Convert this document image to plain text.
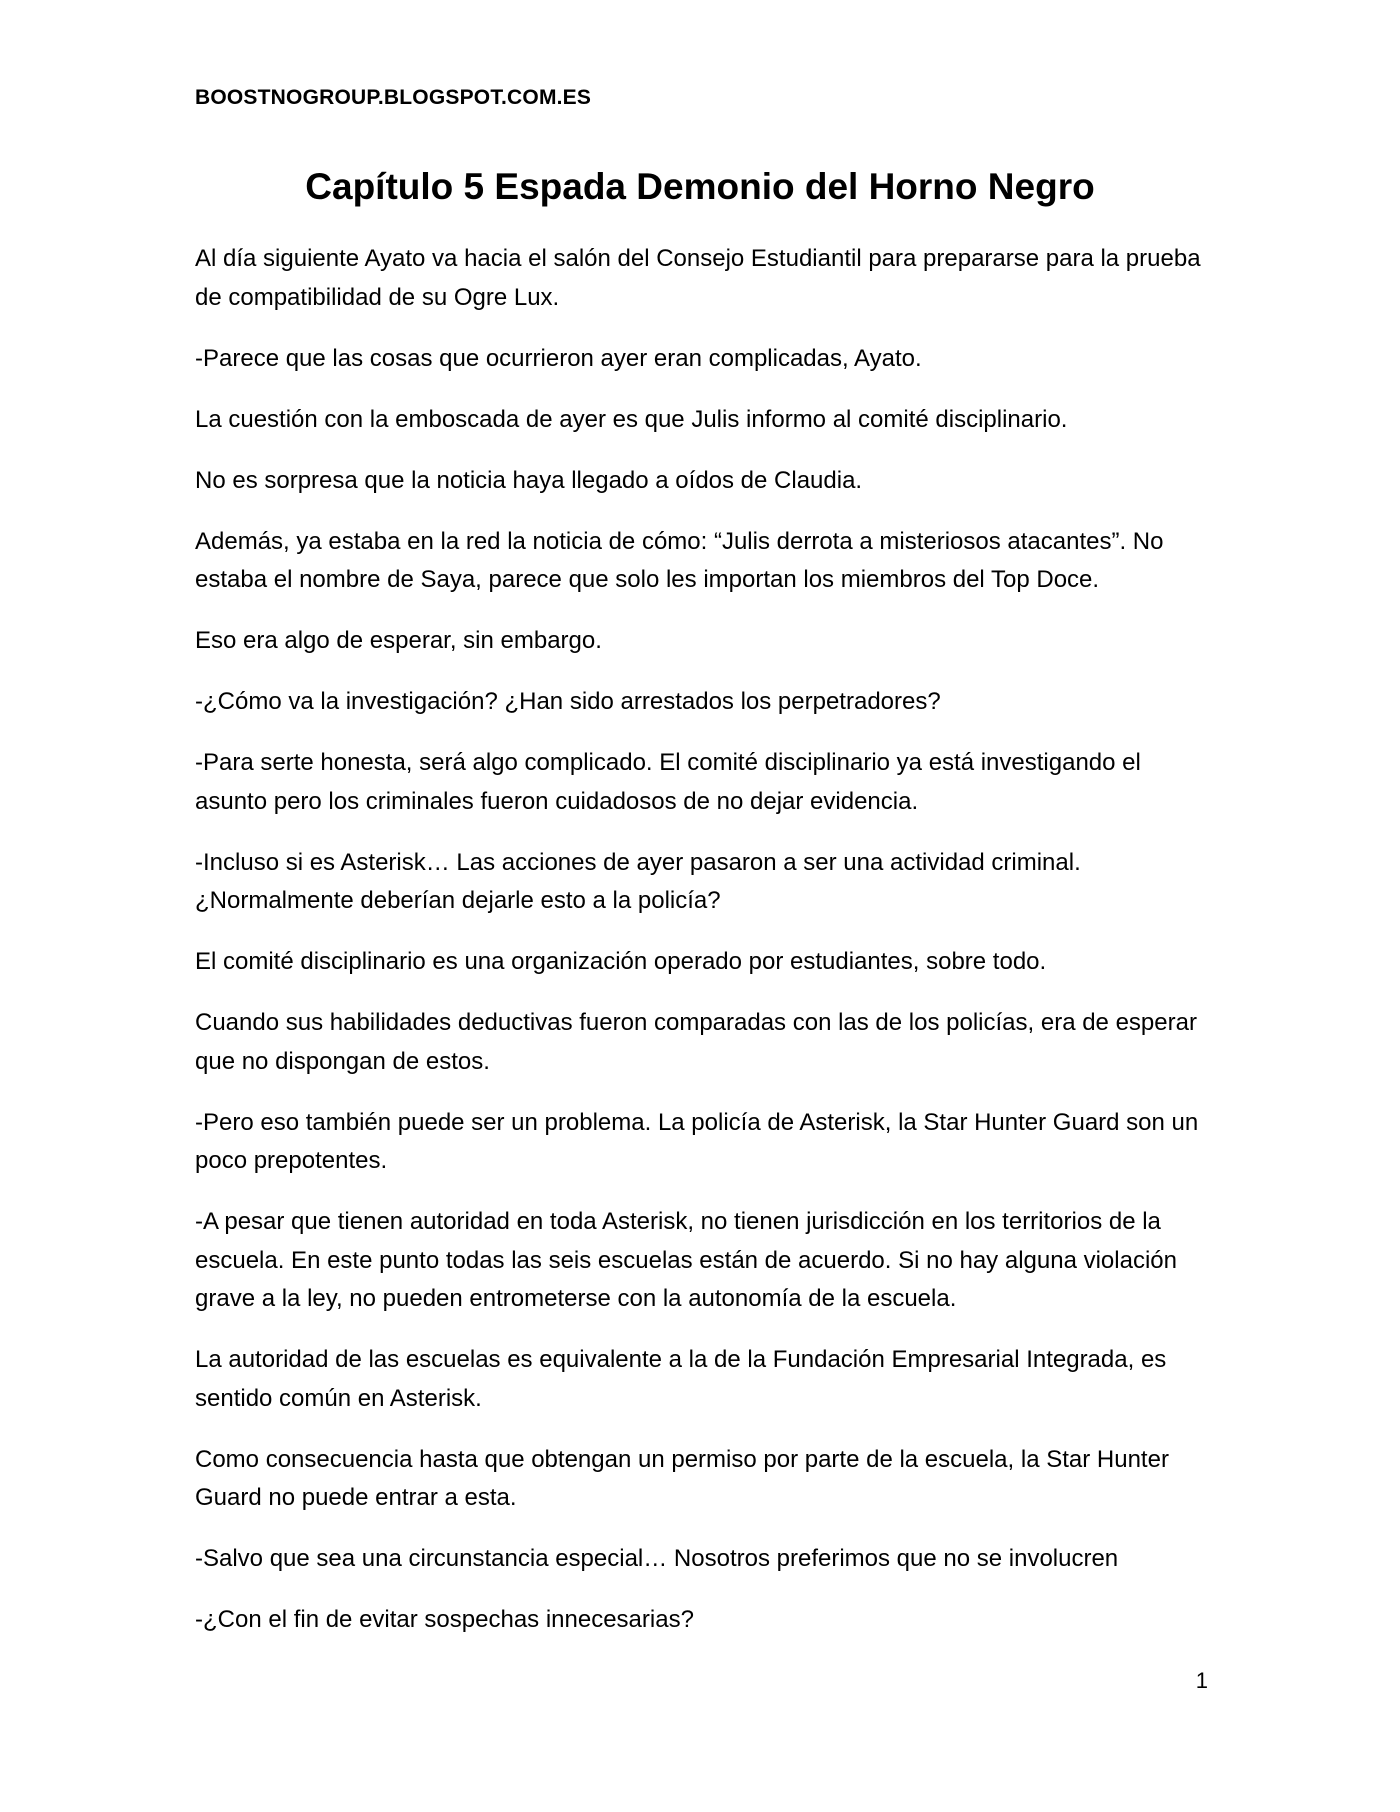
BOOSTNOGROUP.BLOGSPOT.COM.ES
Capítulo 5 Espada Demonio del Horno Negro

Al día siguiente Ayato va hacia el salón del Consejo Estudiantil para prepararse para la prueba de compatibilidad de su Ogre Lux.

-Parece que las cosas que ocurrieron ayer eran complicadas, Ayato.

La cuestión con la emboscada de ayer es que Julis informo al comité disciplinario.

No es sorpresa que la noticia haya llegado a oídos de Claudia.

Además, ya estaba en la red la noticia de cómo: “Julis derrota a misteriosos atacantes”. No estaba el nombre de Saya, parece que solo les importan los miembros del Top Doce.

Eso era algo de esperar, sin embargo.

-¿Cómo va la investigación? ¿Han sido arrestados los perpetradores?

-Para serte honesta, será algo complicado. El comité disciplinario ya está investigando el asunto pero los criminales fueron cuidadosos de no dejar evidencia.

-Incluso si es Asterisk… Las acciones de ayer pasaron a ser una actividad criminal. ¿Normalmente deberían dejarle esto a la policía?

El comité disciplinario es una organización operado por estudiantes, sobre todo.

Cuando sus habilidades deductivas fueron comparadas con las de los policías, era de esperar que no dispongan de estos.

-Pero eso también puede ser un problema. La policía de Asterisk, la Star Hunter Guard son un poco prepotentes.

-A pesar que tienen autoridad en toda Asterisk, no tienen jurisdicción en los territorios de la escuela. En este punto todas las seis escuelas están de acuerdo. Si no hay alguna violación grave a la ley, no pueden entrometerse con la autonomía de la escuela.

La autoridad de las escuelas es equivalente a la de la Fundación Empresarial Integrada, es sentido común en Asterisk.

Como consecuencia hasta que obtengan un permiso por parte de la escuela, la Star Hunter Guard no puede entrar a esta.

-Salvo que sea una circunstancia especial… Nosotros preferimos que no se involucren

-¿Con el fin de evitar sospechas innecesarias?

1
